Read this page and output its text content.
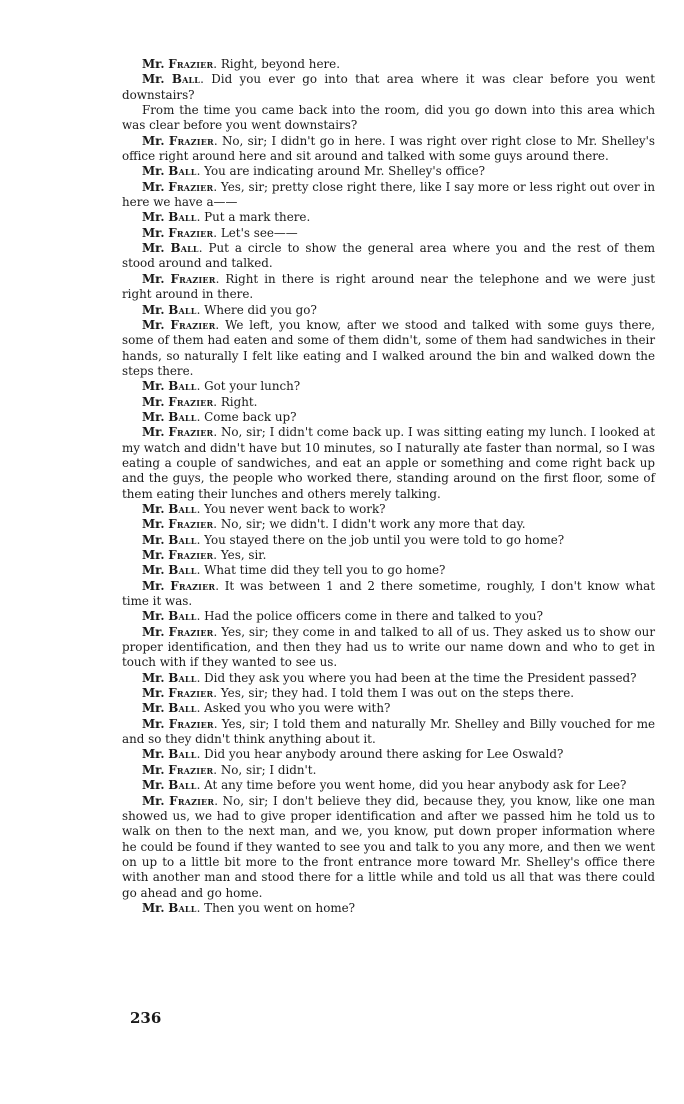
Mr. Frazier. Right, beyond here.

Mr. Ball. Did you ever go into that area where it was clear before you went downstairs?

From the time you came back into the room, did you go down into this area which was clear before you went downstairs?

Mr. Frazier. No, sir; I didn't go in here. I was right over right close to Mr. Shelley's office right around here and sit around and talked with some guys around there.

Mr. Ball. You are indicating around Mr. Shelley's office?

Mr. Frazier. Yes, sir; pretty close right there, like I say more or less right out over in here we have a——

Mr. Ball. Put a mark there.

Mr. Frazier. Let's see——

Mr. Ball. Put a circle to show the general area where you and the rest of them stood around and talked.

Mr. Frazier. Right in there is right around near the telephone and we were just right around in there.

Mr. Ball. Where did you go?

Mr. Frazier. We left, you know, after we stood and talked with some guys there, some of them had eaten and some of them didn't, some of them had sandwiches in their hands, so naturally I felt like eating and I walked around the bin and walked down the steps there.

Mr. Ball. Got your lunch?

Mr. Frazier. Right.

Mr. Ball. Come back up?

Mr. Frazier. No, sir; I didn't come back up. I was sitting eating my lunch. I looked at my watch and didn't have but 10 minutes, so I naturally ate faster than normal, so I was eating a couple of sandwiches, and eat an apple or something and come right back up and the guys, the people who worked there, standing around on the first floor, some of them eating their lunches and others merely talking.

Mr. Ball. You never went back to work?

Mr. Frazier. No, sir; we didn't. I didn't work any more that day.

Mr. Ball. You stayed there on the job until you were told to go home?

Mr. Frazier. Yes, sir.

Mr. Ball. What time did they tell you to go home?

Mr. Frazier. It was between 1 and 2 there sometime, roughly, I don't know what time it was.

Mr. Ball. Had the police officers come in there and talked to you?

Mr. Frazier. Yes, sir; they come in and talked to all of us. They asked us to show our proper identification, and then they had us to write our name down and who to get in touch with if they wanted to see us.

Mr. Ball. Did they ask you where you had been at the time the President passed?

Mr. Frazier. Yes, sir; they had. I told them I was out on the steps there.

Mr. Ball. Asked you who you were with?

Mr. Frazier. Yes, sir; I told them and naturally Mr. Shelley and Billy vouched for me and so they didn't think anything about it.

Mr. Ball. Did you hear anybody around there asking for Lee Oswald?

Mr. Frazier. No, sir; I didn't.

Mr. Ball. At any time before you went home, did you hear anybody ask for Lee?

Mr. Frazier. No, sir; I don't believe they did, because they, you know, like one man showed us, we had to give proper identification and after we passed him he told us to walk on then to the next man, and we, you know, put down proper information where he could be found if they wanted to see you and talk to you any more, and then we went on up to a little bit more to the front entrance more toward Mr. Shelley's office there with another man and stood there for a little while and told us all that was there could go ahead and go home.

Mr. Ball. Then you went on home?

236
